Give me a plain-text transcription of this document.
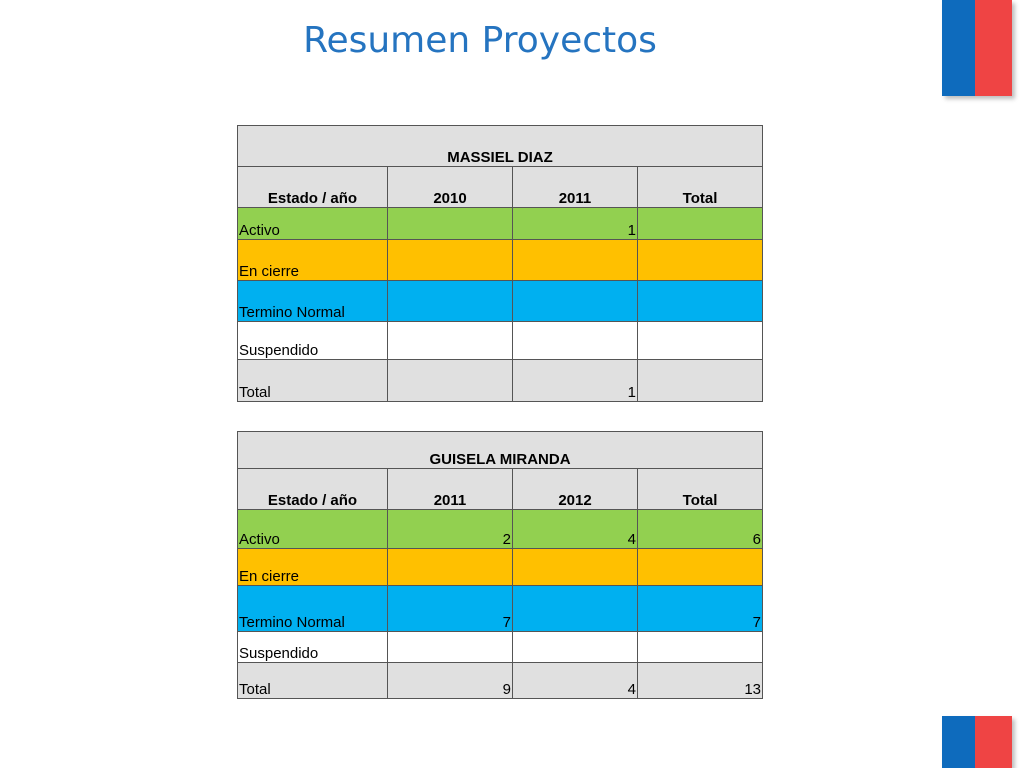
Resumen Proyectos
MASSIEL DIAZ			
Estado / año	2010	2011	Total
Activo		1	
En cierre			
Termino Normal			
Suspendido			
Total		1	
GUISELA MIRANDA			
Estado / año	2011	2012	Total
Activo	2	4	6
En cierre			
Termino Normal	7		7
Suspendido			
Total	9	4	13
